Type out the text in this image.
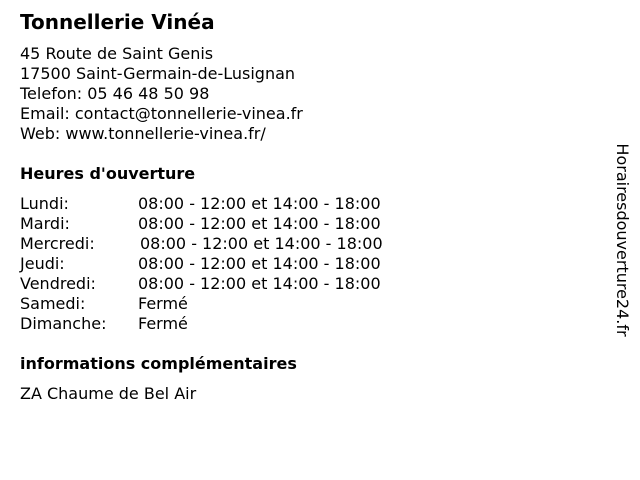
Tonnellerie Vinéa
45 Route de Saint Genis
17500 Saint-Germain-de-Lusignan
Telefon: 05 46 48 50 98
Email: contact@tonnellerie-vinea.fr
Web: www.tonnellerie-vinea.fr/
Heures d'ouverture
Lundi:	08:00 - 12:00 et 14:00 - 18:00
Mardi:	08:00 - 12:00 et 14:00 - 18:00
Mercredi:	08:00 - 12:00 et 14:00 - 18:00
Jeudi:	08:00 - 12:00 et 14:00 - 18:00
Vendredi:	08:00 - 12:00 et 14:00 - 18:00
Samedi:	Fermé
Dimanche: Fermé
informations complémentaires
ZA Chaume de Bel Air
Horairesdouverture24.fr
